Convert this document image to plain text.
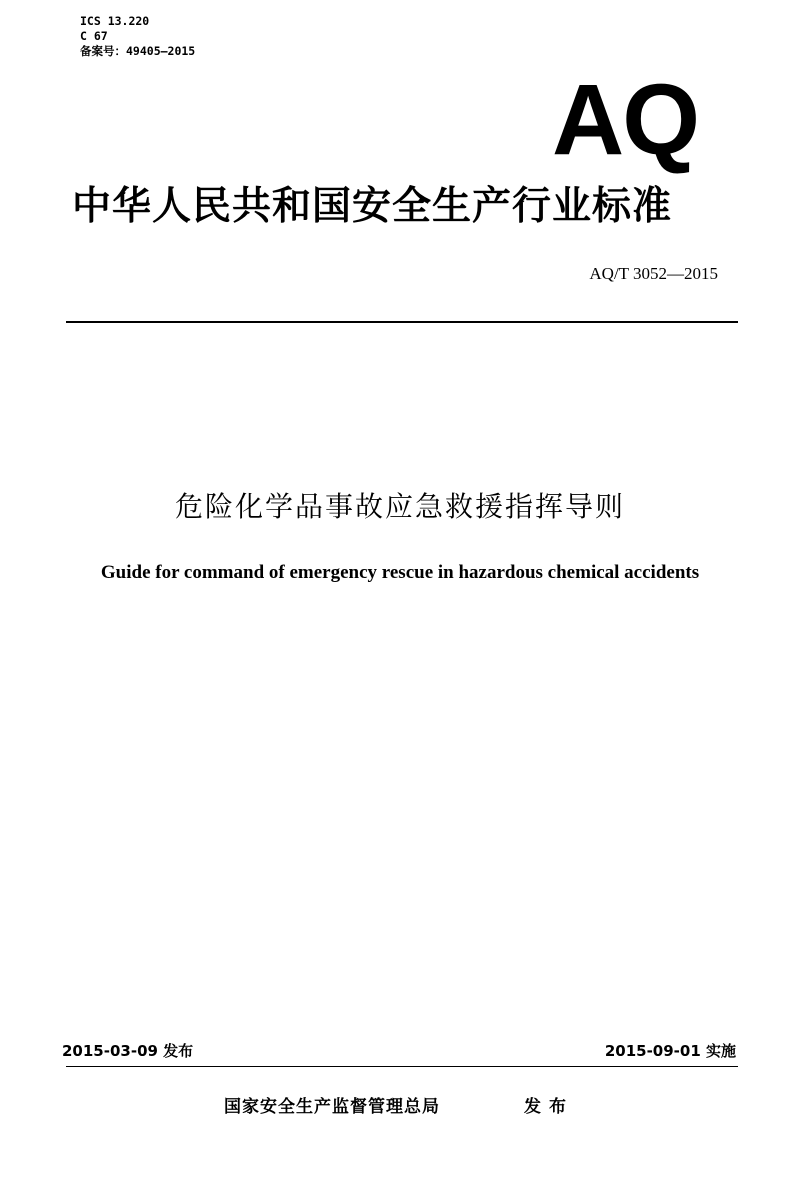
ICS 13.220
C 67
备案号：49405—2015
AQ
中华人民共和国安全生产行业标准
AQ/T 3052—2015
危险化学品事故应急救援指挥导则
Guide for command of emergency rescue in hazardous chemical accidents
2015-03-09 发布	2015-09-01 实施
国家安全生产监督管理总局	发布
